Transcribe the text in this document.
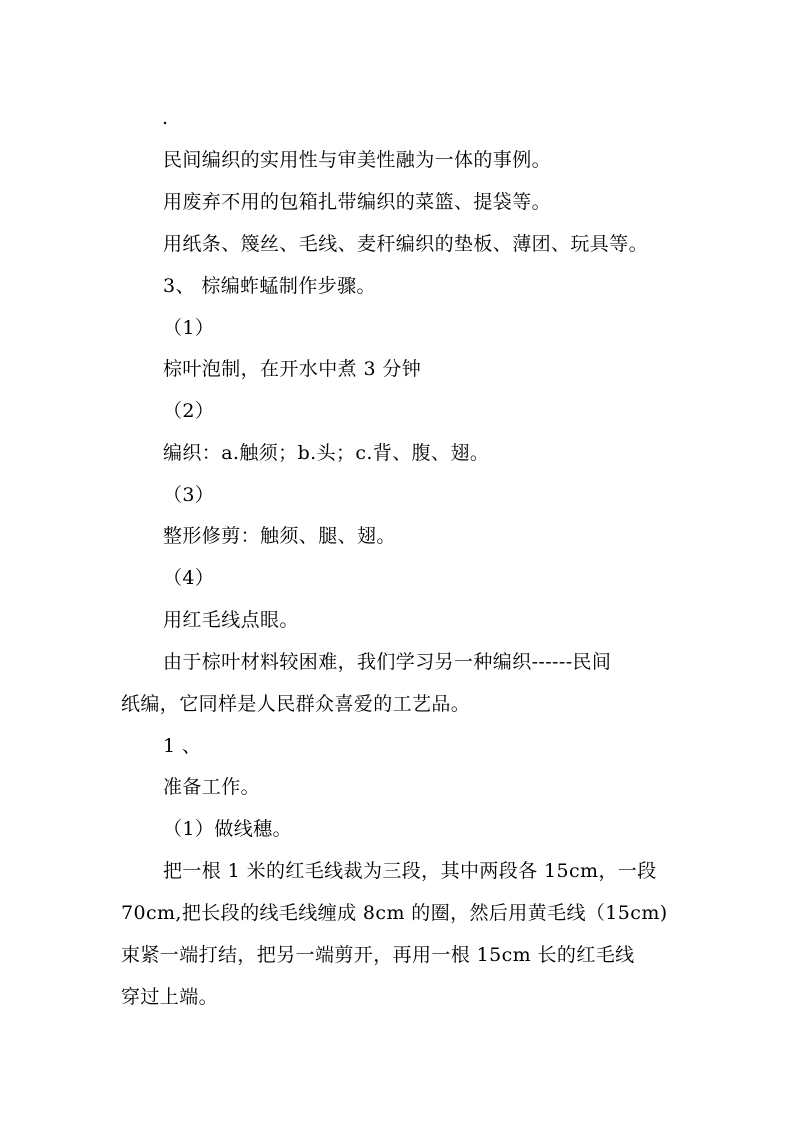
.
民间编织的实用性与审美性融为一体的事例。
用废弃不用的包箱扎带编织的菜篮、提袋等。
用纸条、篾丝、毛线、麦秆编织的垫板、薄团、玩具等。
3、 棕编蚱蜢制作步骤。
（1）
棕叶泡制，在开水中煮 3 分钟
（2）
编织：a.触须；b.头；c.背、腹、翅。
（3）
整形修剪：触须、腿、翅。
（4）
用红毛线点眼。
由于棕叶材料较困难，我们学习另一种编织------民间
纸编，它同样是人民群众喜爱的工艺品。
1 、
准备工作。
（1）做线穗。
把一根 1 米的红毛线裁为三段，其中两段各 15cm，一段
70cm,把长段的线毛线缠成 8cm 的圈，然后用黄毛线（15cm)
束紧一端打结，把另一端剪开，再用一根 15cm 长的红毛线
穿过上端。
